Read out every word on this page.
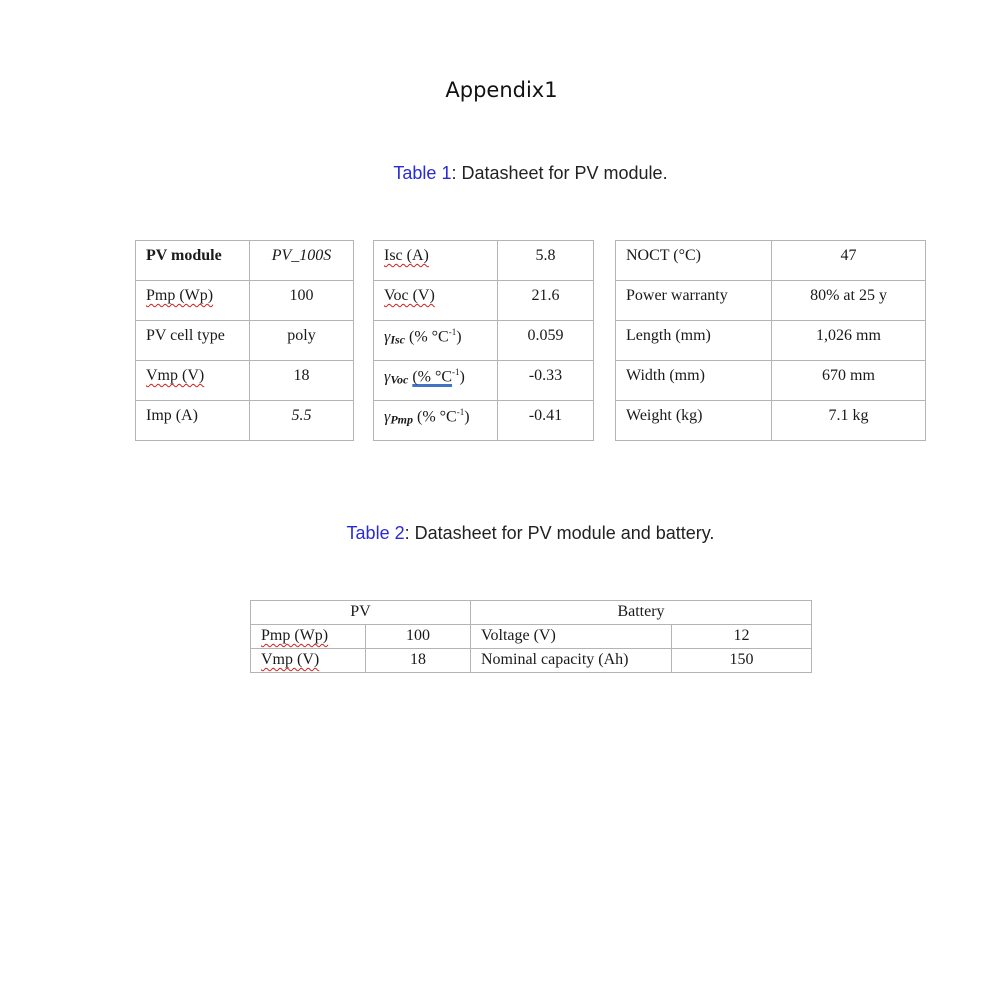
Appendix1
Table 1: Datasheet for PV module.
PV module	PV_100S
Pmp (Wp)	100
PV cell type	poly
Vmp (V)	18
Imp (A)	5.5
Isc (A)	5.8
Voc (V)	21.6
γIsc (% $^\circ C^{-1}$)	0.059
γVoc (% $^\circ C^{-1}$)	-0.33
γPmp (% $^\circ C^{-1}$)	-0.41
NOCT (°C)	47
Power warranty	80% at 25 y
Length (mm)	1,026 mm
Width (mm)	670 mm
Weight (kg)	7.1 kg
Table 2: Datasheet for PV module and battery.
PV		Battery	
Pmp (Wp)	100	Voltage (V)	12
Vmp (V)	18	Nominal capacity (Ah)	150
